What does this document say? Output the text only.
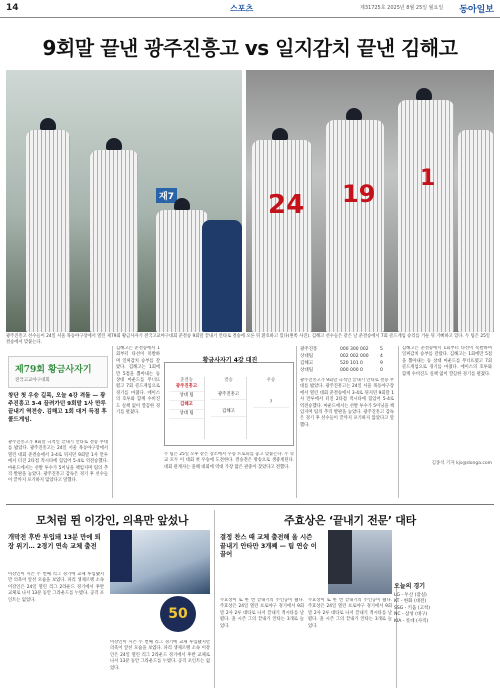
14	스포츠	제31725호 2025년 8월 25일 월요일 동아일보
9회말 끝낸 광주진흥고 vs 일지감치 끝낸 김해고
재7	24 19
1
광주진흥고 선수들이 24일 서울 목동야구장에서 열린 제79회 황금사자기 전국고교야구대회 준결승 9회말 끝내기 안타로 결승에 오른 뒤 환호하고 있다(왼쪽 사진). 김해고 선수들은 같은 날 준결승에서 7회 콜드게임 승리를 거둔 뒤 기뻐하고 있다. 두 팀은 25일 결승에서 맞붙는다.
제79회 황금사자기
전국고교야구대회
창단 첫 우승 길목, 오늘 4강 격돌 — 광주진흥고 3-4 끌려가던 9회말 1사 만루 끝내기 역전승. 김해고 1회 대거 득점 후 콜드게임.
광주진흥고가 9회말 극적인 끝내기 안타로 결승 무대를 밟았다. 광주진흥고는 24일 서울 목동야구장에서 열린 대회 준결승에서 3-4로 뒤지던 9회말 1사 만루에서 터진 2타점 적시타에 힘입어 5-4로 역전승했다. 마운드에서는 선발 투수가 5이닝을 책임지며 팀의 추격 발판을 놓았다. 광주진흥고 감독은 경기 후 선수들이 끝까지 포기하지 않았다고 말했다.
김해고는 준결승에서 1회부터 타선이 폭발하며 일찌감치 승부를 갈랐다. 김해고는 1회에만 5점을 뽑아내는 등 상대 마운드를 무너뜨렸고 7회 콜드게임으로 경기를 마쳤다. 에이스의 호투와 함께 수비진도 실책 없이 깔끔한 경기를 펼쳤다.
황금사자기 4강 대진
준결승
광주진흥고
상대 팀
김해고
상대 팀
결승
광주진흥고
김해고
우승
?
두 팀은 25일 오후 같은 장소에서 우승 트로피를 놓고 맞붙는다. 두 학교 모두 이 대회 첫 우승에 도전한다. 결승전은 방송으로 생중계된다. 대회 관계자는 올해 대회에 역대 가장 많은 관중이 찾았다고 전했다.
광주진흥	000 300 002	5
상대팀	002 002 000	4
김해고	520 101 0	9
상대팀	000 000 0	0
광주진흥고가 9회말 극적인 끝내기 안타로 결승 무대를 밟았다. 광주진흥고는 24일 서울 목동야구장에서 열린 대회 준결승에서 3-4로 뒤지던 9회말 1사 만루에서 터진 2타점 적시타에 힘입어 5-4로 역전승했다. 마운드에서는 선발 투수가 5이닝을 책임지며 팀의 추격 발판을 놓았다. 광주진흥고 감독은 경기 후 선수들이 끝까지 포기하지 않았다고 말했다.
김해고는 준결승에서 1회부터 타선이 폭발하며 일찌감치 승부를 갈랐다. 김해고는 1회에만 5점을 뽑아내는 등 상대 마운드를 무너뜨렸고 7회 콜드게임으로 경기를 마쳤다. 에이스의 호투와 함께 수비진도 실책 없이 깔끔한 경기를 펼쳤다.
김종석 기자 kjs@donga.com
모처럼 뛴 이강인, 의욕만 앞섰나
개막전 후반 투입돼 13분 만에 퇴장 위기… 2경기 연속 교체 출전
이강인이 시즌 두 번째 리그 경기에 교체 투입됐지만 의욕이 앞선 모습을 보였다. 파리 생제르맹 소속 이강인은 24일 열린 리그 2라운드 경기에서 후반 교체로 나서 13분 동안 그라운드를 누볐다. 공격 포인트는 없었다.
50
이강인이 시즌 두 번째 리그 경기에 교체 투입됐지만 의욕이 앞선 모습을 보였다. 파리 생제르맹 소속 이강인은 24일 열린 리그 2라운드 경기에서 후반 교체로 나서 13분 동안 그라운드를 누볐다. 공격 포인트는 없었다.
주효상은 ‘끝내기 전문’ 대타
결정 찬스 때 교체 출전해 올 시즌 끝내기 안타만 3개째 — 팀 연승 이끌어
주효상이 또 한 번 끝내기의 주인공이 됐다. 주효상은 24일 열린 프로야구 경기에서 9회말 2사 2루 대타로 나서 끝내기 적시타를 날렸다. 올 시즌 그의 끝내기 안타는 3개로 늘었다.
주효상이 또 한 번 끝내기의 주인공이 됐다. 주효상은 24일 열린 프로야구 경기에서 9회말 2사 2루 대타로 나서 끝내기 적시타를 날렸다. 올 시즌 그의 끝내기 안타는 3개로 늘었다.
오늘의 경기
LG - 두산 (잠실)
KT - 한화 (대전)
SSG - 키움 (고척)
NC - 삼성 (대구)
KIA - 롯데 (사직)
